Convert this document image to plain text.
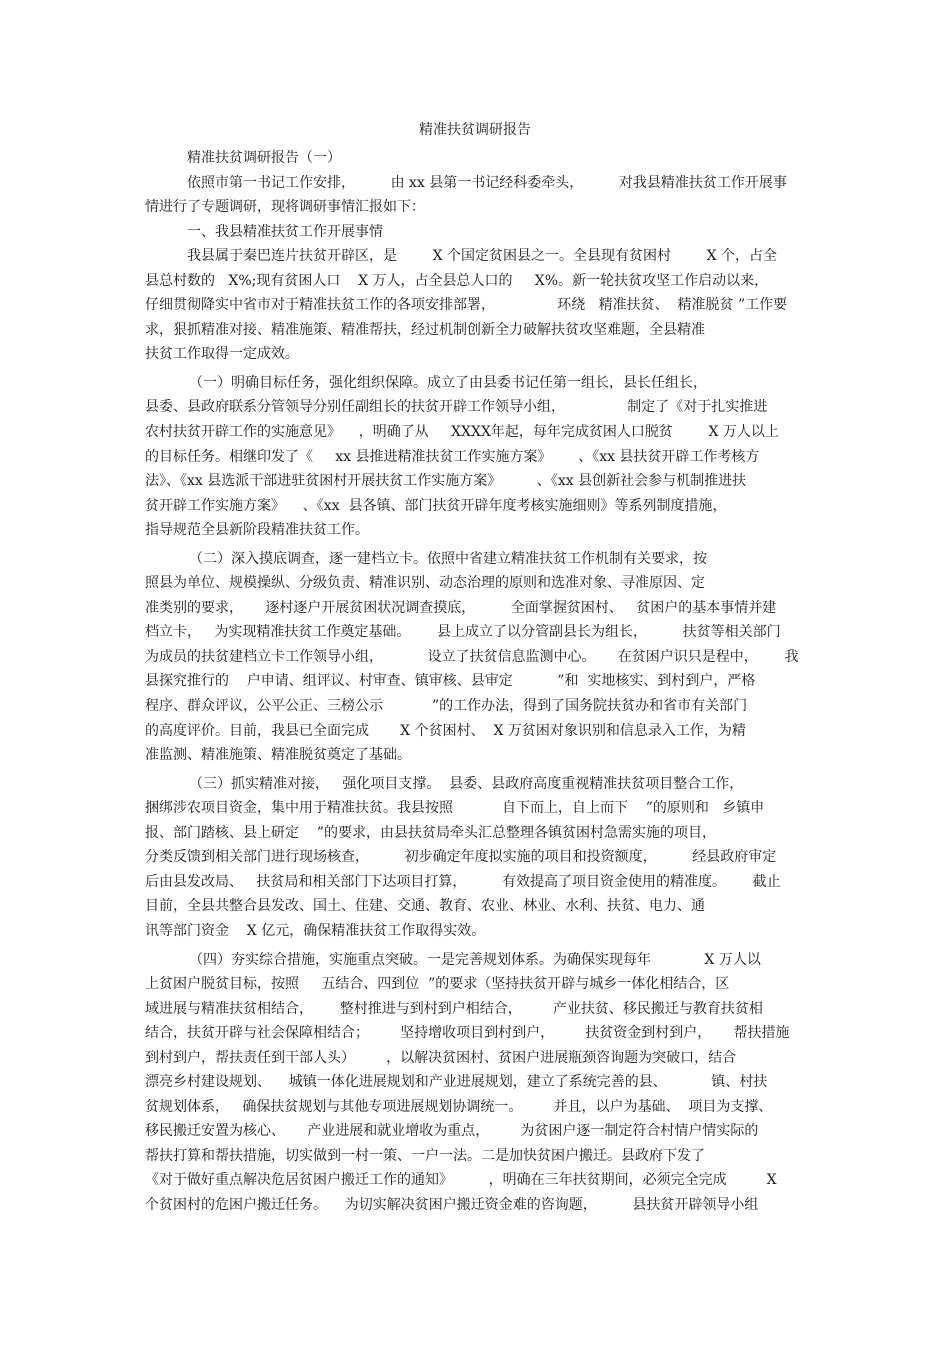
精准扶贫调研报告
精准扶贫调研报告（一）
依照市第一书记工作安排，        由 xx 县第一书记经科委牵头，        对我县精准扶贫工作开展事
情进行了专题调研，现将调研事情汇报如下：
一、我县精准扶贫工作开展事情
我县属于秦巴连片扶贫开辟区，是        X 个国定贫困县之一。全县现有贫困村        X 个，占全
县总村数的   X%;现有贫困人口    X 万人，占全县总人口的     X%。新一轮扶贫攻坚工作启动以来，
仔细贯彻降实中省市对于精准扶贫工作的各项安排部署，              环绕   精准扶贫、  精准脱贫 ”工作要
求，狠抓精准对接、精准施策、精准帮扶，经过机制创新全力破解扶贫攻坚难题，全县精准
扶贫工作取得一定成效。
（一）明确目标任务，强化组织保障。成立了由县委书记任第一组长，县长任组长，
县委、县政府联系分管领导分别任副组长的扶贫开辟工作领导小组，              制定了《对于扎实推进
农村扶贫开辟工作的实施意见》    ，明确了从     XXXX年起，每年完成贫困人口脱贫        X 万人以上
的目标任务。相继印发了《     xx 县推进精准扶贫工作实施方案》      、《xx 县扶贫开辟工作考核方
法》、《xx 县选派干部进驻贫困村开展扶贫工作实施方案》        、《xx 县创新社会参与机制推进扶
贫开辟工作实施方案》    、《xx  县各镇、部门扶贫开辟年度考核实施细则》等系列制度措施，
指导规范全县新阶段精准扶贫工作。
（二）深入摸底调查，逐一建档立卡。依照中省建立精准扶贫工作机制有关要求，按
照县为单位、规模操纵、分级负责、精准识别、动态治理的原则和选准对象、寻准原因、定
准类别的要求，     逐村逐户开展贫困状况调查摸底，        全面掌握贫困村、   贫困户的基本事情并建
档立卡，   为实现精准扶贫工作奠定基础。      县上成立了以分管副县长为组长，        扶贫等相关部门
为成员的扶贫建档立卡工作领导小组，          设立了扶贫信息监测中心。     在贫困户识只是程中，      我
县探究推行的    户申请、组评议、村审查、镇审核、县审定          ”和  实地核实、到村到户，严格
程序、群众评议，公平公正、三榜公示           ”的工作办法，得到了国务院扶贫办和省市有关部门
的高度评价。目前，我县已全面完成       X 个贫困村、  X 万贫困对象识别和信息录入工作，为精
准监测、精准施策、精准脱贫奠定了基础。
（三）抓实精准对接，   强化项目支撑。  县委、县政府高度重视精准扶贫项目整合工作，
捆绑涉农项目资金，集中用于精准扶贫。我县按照           自下而上，自上而下    ”的原则和   乡镇申
报、部门踏核、县上研定    ”的要求，由县扶贫局牵头汇总整理各镇贫困村急需实施的项目，
分类反馈到相关部门进行现场核查，        初步确定年度拟实施的项目和投资额度，        经县政府审定
后由县发改局、   扶贫局和相关部门下达项目打算，        有效提高了项目资金使用的精准度。      截止
目前，全县共整合县发改、国土、住建、交通、教育、农业、林业、水利、扶贫、电力、通
讯等部门资金    X 亿元，确保精准扶贫工作取得实效。
（四）夯实综合措施，实施重点突破。一是完善规划体系。为确保实现每年            X 万人以
上贫困户脱贫目标，按照     五结合、四到位  ”的要求（坚持扶贫开辟与城乡一体化相结合，区
域进展与精准扶贫相结合，      整村推进与到村到户相结合，       产业扶贫、移民搬迁与教育扶贫相
结合，扶贫开辟与社会保障相结合；       坚持增收项目到村到户，       扶贫资金到村到户，     帮扶措施
到村到户，帮扶责任到干部人头）       ，以解决贫困村、贫困户进展瓶颈咨询题为突破口，结合
漂亮乡村建设规划、    城镇一体化进展规划和产业进展规划，建立了系统完善的县、          镇、村扶
贫规划体系，   确保扶贫规划与其他专项进展规划协调统一。       并且，以户为基础、  项目为支撑、
移民搬迁安置为核心、     产业进展和就业增收为重点，       为贫困户逐一制定符合村情户情实际的
帮扶打算和帮扶措施，切实做到一村一策、一户一法。二是加快贫困户搬迁。县政府下发了
《对于做好重点解决危居贫困户搬迁工作的通知》        ，明确在三年扶贫期间，必须完全完成         X
个贫困村的危困户搬迁任务。    为切实解决贫困户搬迁资金难的咨询题，        县扶贫开辟领导小组
